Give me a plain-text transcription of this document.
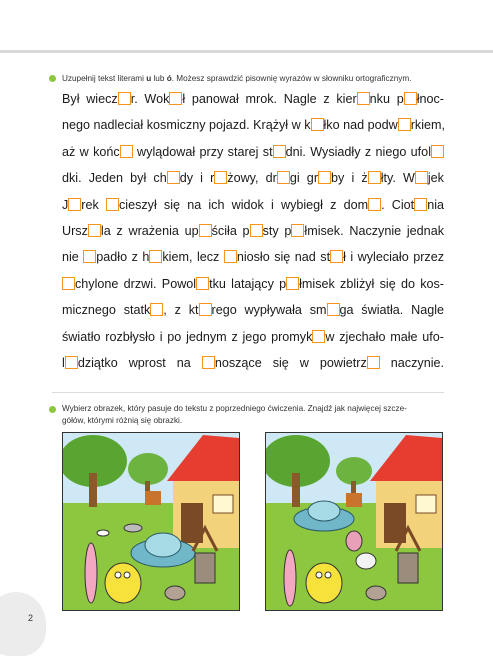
Uzupełnij tekst literami u lub ó. Możesz sprawdzić pisownię wyrazów w słowniku ortograficznym.
Był wiecz r. Wok ł panował mrok. Nagle z kier nku p łnoc-
nego nadleciał kosmiczny pojazd. Krążył w k łko nad podw rkiem,
aż w końc wylądował przy starej st dni. Wysiadły z niego ufol
dki. Jeden był ch dy i r żowy, dr gi gr by i ż łty. W jek
J rek cieszył się na ich widok i wybiegł z dom . Ciot nia
Ursz la z wrażenia up ściła p sty p łmisek. Naczynie jednak
nie padło z h kiem, lecz niosło się nad st ł i wyleciało przez
chylone drzwi. Powol tku latający p łmisek zbliżył się do kos-
micznego statk , z kt rego wypływała sm ga światła. Nagle
światło rozbłysło i po jednym z jego promyk w zjechało małe ufo-
l dziątko wprost na noszące się w powietrz naczynie.
Wybierz obrazek, który pasuje do tekstu z poprzedniego ćwiczenia. Znajdź jak najwięcej szcze-
gółów, którymi różnią się obrazki.
2
